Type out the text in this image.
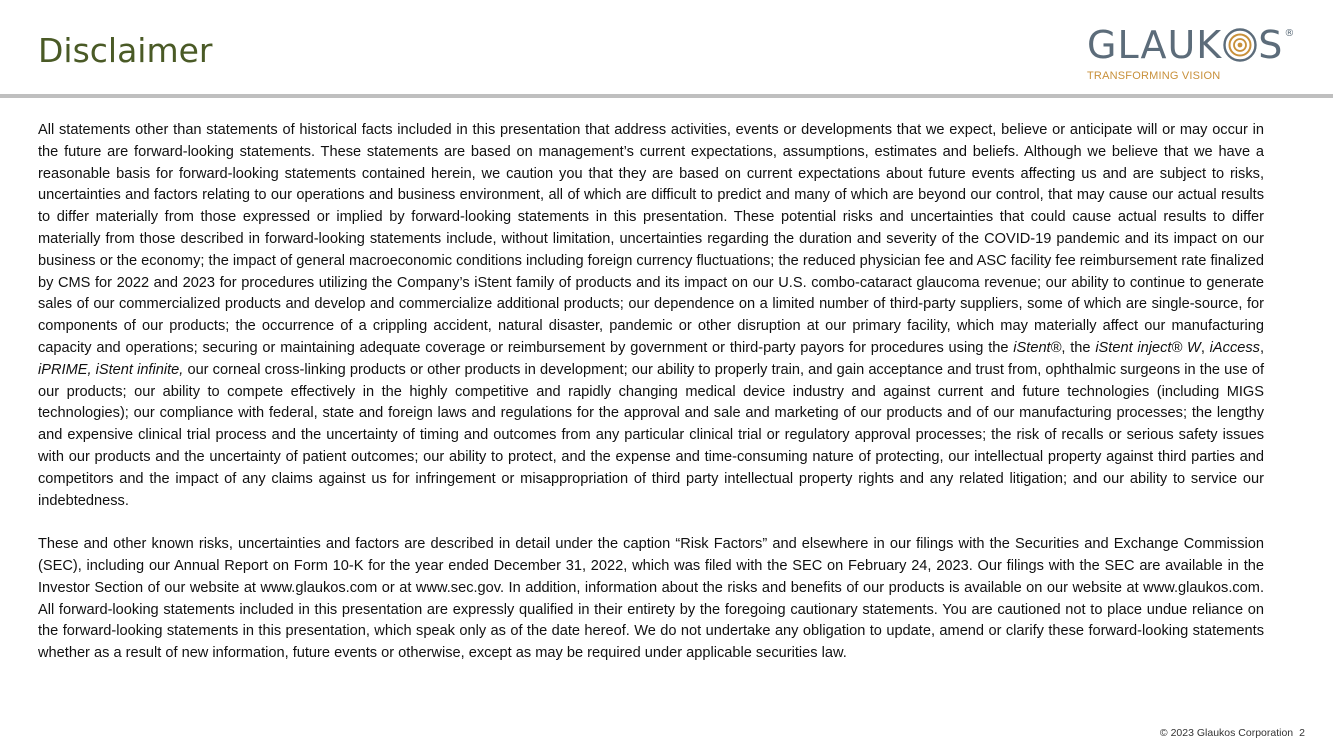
Disclaimer	GLAUK S®
TRANSFORMING VISION

All statements other than statements of historical facts included in this presentation that address activities, events or developments that we expect, believe or anticipate will or may occur in the future are forward-looking statements. These statements are based on management’s current expectations, assumptions, estimates and beliefs. Although we believe that we have a reasonable basis for forward-looking statements contained herein, we caution you that they are based on current expectations about future events affecting us and are subject to risks, uncertainties and factors relating to our operations and business environment, all of which are difficult to predict and many of which are beyond our control, that may cause our actual results to differ materially from those expressed or implied by forward-looking statements in this presentation. These potential risks and uncertainties that could cause actual results to differ materially from those described in forward-looking statements include, without limitation, uncertainties regarding the duration and severity of the COVID-19 pandemic and its impact on our business or the economy; the impact of general macroeconomic conditions including foreign currency fluctuations; the reduced physician fee and ASC facility fee reimbursement rate finalized by CMS for 2022 and 2023 for procedures utilizing the Company’s iStent family of products and its impact on our U.S. combo-cataract glaucoma revenue; our ability to continue to generate sales of our commercialized products and develop and commercialize additional products; our dependence on a limited number of third-party suppliers, some of which are single-source, for components of our products; the occurrence of a crippling accident, natural disaster, pandemic or other disruption at our primary facility, which may materially affect our manufacturing capacity and operations; securing or maintaining adequate coverage or reimbursement by government or third-party payors for procedures using the iStent®, the iStent inject® W, iAccess, iPRIME, iStent infinite, our corneal cross-linking products or other products in development; our ability to properly train, and gain acceptance and trust from, ophthalmic surgeons in the use of our products; our ability to compete effectively in the highly competitive and rapidly changing medical device industry and against current and future technologies (including MIGS technologies); our compliance with federal, state and foreign laws and regulations for the approval and sale and marketing of our products and of our manufacturing processes; the lengthy and expensive clinical trial process and the uncertainty of timing and outcomes from any particular clinical trial or regulatory approval processes; the risk of recalls or serious safety issues with our products and the uncertainty of patient outcomes; our ability to protect, and the expense and time-consuming nature of protecting, our intellectual property against third parties and competitors and the impact of any claims against us for infringement or misappropriation of third party intellectual property rights and any related litigation; and our ability to service our indebtedness.

These and other known risks, uncertainties and factors are described in detail under the caption “Risk Factors” and elsewhere in our filings with the Securities and Exchange Commission (SEC), including our Annual Report on Form 10-K for the year ended December 31, 2022, which was filed with the SEC on February 24, 2023. Our filings with the SEC are available in the Investor Section of our website at www.glaukos.com or at www.sec.gov. In addition, information about the risks and benefits of our products is available on our website at www.glaukos.com. All forward-looking statements included in this presentation are expressly qualified in their entirety by the foregoing cautionary statements. You are cautioned not to place undue reliance on the forward-looking statements in this presentation, which speak only as of the date hereof. We do not undertake any obligation to update, amend or clarify these forward-looking statements whether as a result of new information, future events or otherwise, except as may be required under applicable securities law.

© 2023 Glaukos Corporation 2
